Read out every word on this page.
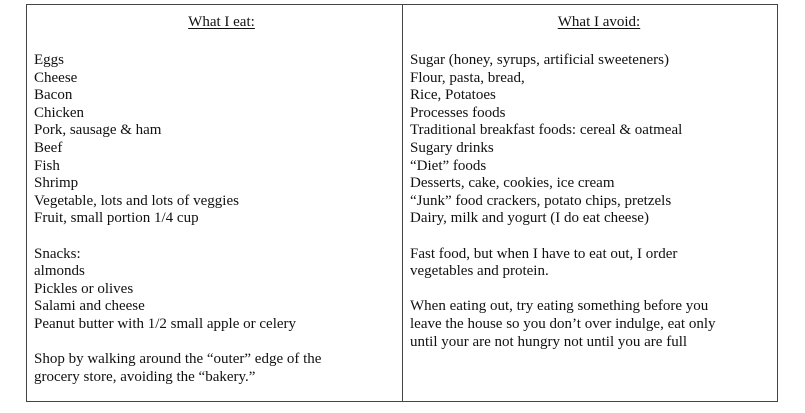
What I eat:
Eggs
Cheese
Bacon
Chicken
Pork, sausage & ham
Beef
Fish
Shrimp
Vegetable, lots and lots of veggies
Fruit, small portion 1/4 cup
Snacks:
almonds
Pickles or olives
Salami and cheese
Peanut butter with 1/2 small apple or celery
Shop by walking around the “outer” edge of the
grocery store, avoiding the “bakery.”
What I avoid:
Sugar (honey, syrups, artificial sweeteners)
Flour, pasta, bread,
Rice, Potatoes
Processes foods
Traditional breakfast foods: cereal & oatmeal
Sugary drinks
“Diet” foods
Desserts, cake, cookies, ice cream
“Junk” food crackers, potato chips, pretzels
Dairy, milk and yogurt (I do eat cheese)
Fast food, but when I have to eat out, I order
vegetables and protein.
When eating out, try eating something before you
leave the house so you don’t over indulge, eat only
until your are not hungry not until you are full
